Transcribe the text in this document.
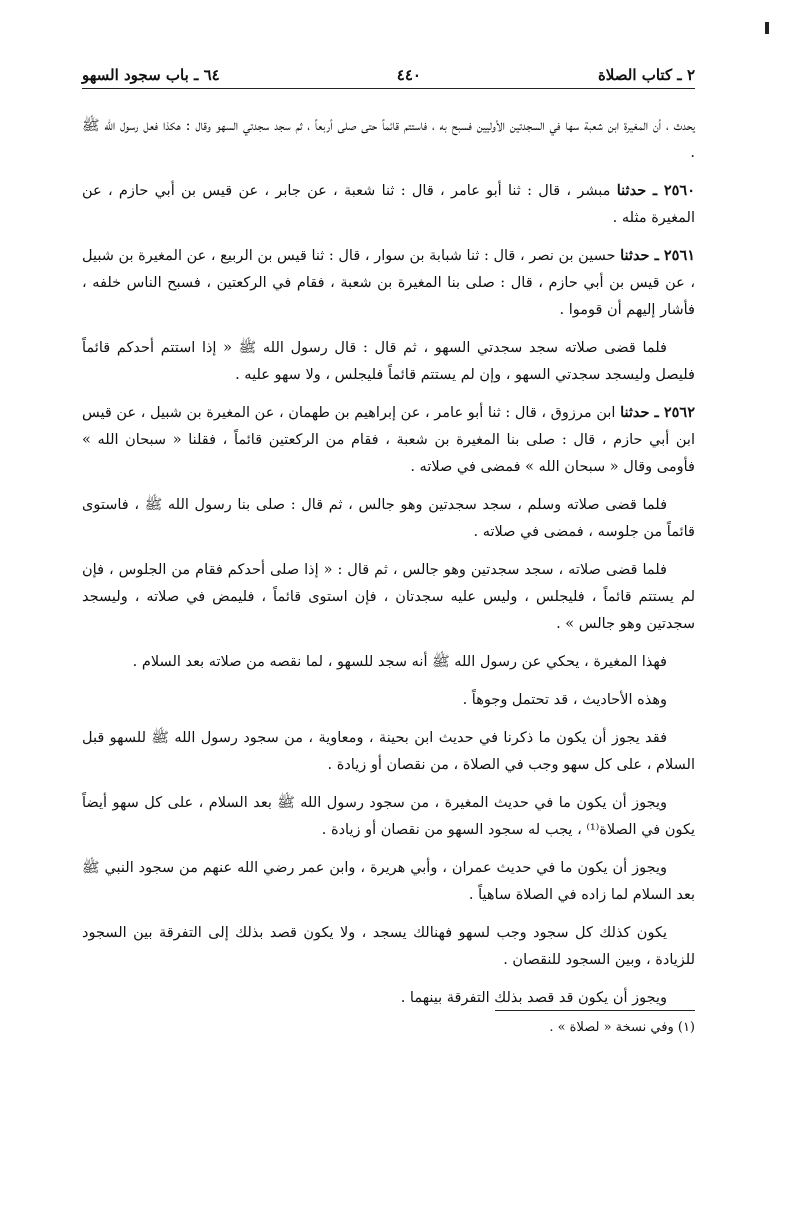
٢ ـ كتاب الصلاة
٤٤٠
٦٤ ـ باب سجود السهو

يحدث ، أن المغيرة ابن شعبة سها في السجدتين الأوليين فسبح به ، فاستتم قائماً حتى صلى أربعاً ، ثم سجد سجدتي السهو وقال : هكذا فعل رسول الله ﷺ .

٢٥٦٠ ـ حدثنا مبشر ، قال : ثنا أبو عامر ، قال : ثنا شعبة ، عن جابر ، عن قيس بن أبي حازم ، عن المغيرة مثله .

٢٥٦١ ـ حدثنا حسين بن نصر ، قال : ثنا شبابة بن سوار ، قال : ثنا قيس بن الربيع ، عن المغيرة بن شبيل ، عن قيس بن أبي حازم ، قال : صلى بنا المغيرة بن شعبة ، فقام في الركعتين ، فسبح الناس خلفه ، فأشار إليهم أن قوموا .

فلما قضى صلاته سجد سجدتي السهو ، ثم قال : قال رسول الله ﷺ « إذا استتم أحدكم قائماً فليصل وليسجد سجدتي السهو ، وإن لم يستتم قائماً فليجلس ، ولا سهو عليه .

٢٥٦٢ ـ حدثنا ابن مرزوق ، قال : ثنا أبو عامر ، عن إبراهيم بن طهمان ، عن المغيرة بن شبيل ، عن قيس ابن أبي حازم ، قال : صلى بنا المغيرة بن شعبة ، فقام من الركعتين قائماً ، فقلنا « سبحان الله » فأومى وقال « سبحان الله » فمضى في صلاته .

فلما قضى صلاته وسلم ، سجد سجدتين وهو جالس ، ثم قال : صلى بنا رسول الله ﷺ ، فاستوى قائماً من جلوسه ، فمضى في صلاته .

فلما قضى صلاته ، سجد سجدتين وهو جالس ، ثم قال : « إذا صلى أحدكم فقام من الجلوس ، فإن لم يستتم قائماً ، فليجلس ، وليس عليه سجدتان ، فإن استوى قائماً ، فليمض في صلاته ، وليسجد سجدتين وهو جالس » .

فهذا المغيرة ، يحكي عن رسول الله ﷺ أنه سجد للسهو ، لما نقصه من صلاته بعد السلام .

وهذه الأحاديث ، قد تحتمل وجوهاً .

فقد يجوز أن يكون ما ذكرنا في حديث ابن بحينة ، ومعاوية ، من سجود رسول الله ﷺ للسهو قبل السلام ، على كل سهو وجب في الصلاة ، من نقصان أو زيادة .

ويجوز أن يكون ما في حديث المغيرة ، من سجود رسول الله ﷺ بعد السلام ، على كل سهو أيضاً يكون في الصلاة⁽¹⁾ ، يجب له سجود السهو من نقصان أو زيادة .

ويجوز أن يكون ما في حديث عمران ، وأبي هريرة ، وابن عمر رضي الله عنهم من سجود النبي ﷺ بعد السلام لما زاده في الصلاة ساهياً .

يكون كذلك كل سجود وجب لسهو فهنالك يسجد ، ولا يكون قصد بذلك إلى التفرقة بين السجود للزيادة ، وبين السجود للنقصان .

ويجوز أن يكون قد قصد بذلك التفرقة بينهما .

(١) وفي نسخة « لصلاة » .
